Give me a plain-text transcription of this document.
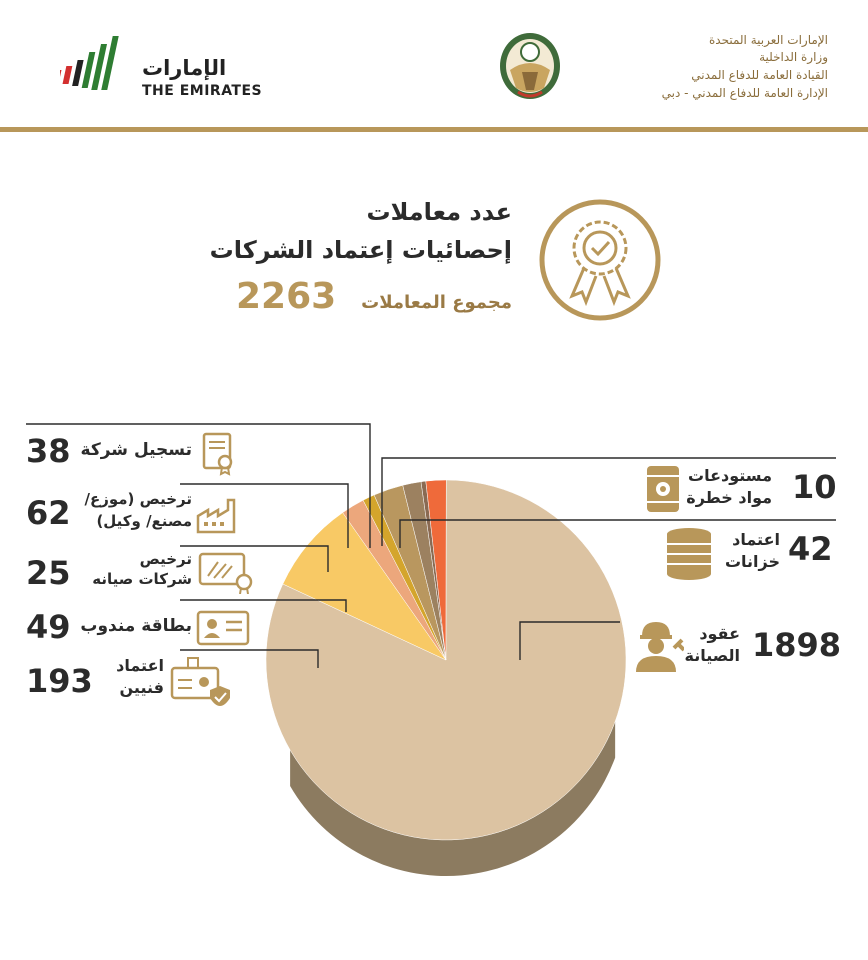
الإمارات العربية المتحدة
وزارة الداخلية
القيادة العامة للدفاع المدني
الإدارة العامة للدفاع المدني - دبي
الإمارات
THE EMIRATES
عدد معاملات
إحصائيات إعتماد الشركات
مجموع المعاملات
2263
38 تسجيل شركة
62 ترخيص (موزع/
مصنع/ وكيل)
25	ترخيص
شركات صيانه
49 بطاقة مندوب
193 اعتماد
فنيين
مستودعات
مواد خطرة 10
اعتماد
خزانات 42
عقود
الصيانة 1898
